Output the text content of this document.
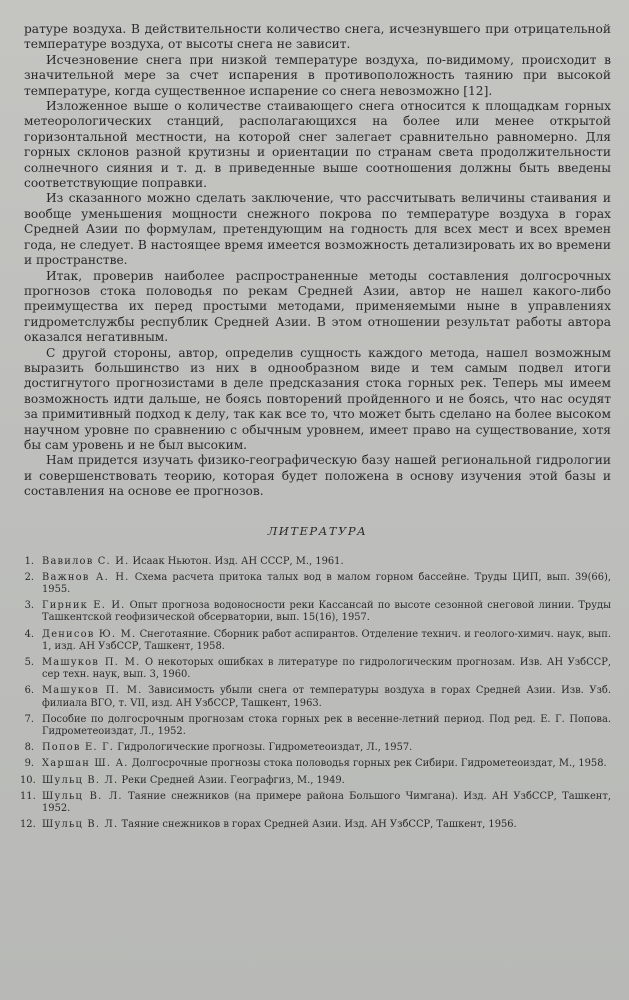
ратуре воздуха. В действительности количество снега, исчезнувшего при отрицательной температуре воздуха, от высоты снега не зависит.

Исчезновение снега при низкой температуре воздуха, по-видимому, происходит в значительной мере за счет испарения в противоположность таянию при высокой температуре, когда существенное испарение со снега невозможно [12].

Изложенное выше о количестве стаивающего снега относится к площадкам горных метеорологических станций, располагающихся на более или менее открытой горизонтальной местности, на которой снег залегает сравнительно равномерно. Для горных склонов разной крутизны и ориентации по странам света продолжительности солнечного сияния и т. д. в приведенные выше соотношения должны быть введены соответствующие поправки.

Из сказанного можно сделать заключение, что рассчитывать величины стаивания и вообще уменьшения мощности снежного покрова по температуре воздуха в горах Средней Азии по формулам, претендующим на годность для всех мест и всех времен года, не следует. В настоящее время имеется возможность детализировать их во времени и пространстве.

Итак, проверив наиболее распространенные методы составления долгосрочных прогнозов стока половодья по рекам Средней Азии, автор не нашел какого-либо преимущества их перед простыми методами, применяемыми ныне в управлениях гидрометслужбы республик Средней Азии. В этом отношении результат работы автора оказался негативным.

С другой стороны, автор, определив сущность каждого метода, нашел возможным выразить большинство из них в однообразном виде и тем самым подвел итоги достигнутого прогнозистами в деле предсказания стока горных рек. Теперь мы имеем возможность идти дальше, не боясь повторений пройденного и не боясь, что нас осудят за примитивный подход к делу, так как все то, что может быть сделано на более высоком научном уровне по сравнению с обычным уровнем, имеет право на существование, хотя бы сам уровень и не был высоким.

Нам придется изучать физико-географическую базу нашей региональной гидрологии и совершенствовать теорию, которая будет положена в основу изучения этой базы и составления на основе ее прогнозов.

ЛИТЕРАТУРА
1. Вавилов С. И. Исаак Ньютон. Изд. АН СССР, М., 1961.
2. Важнов А. Н. Схема расчета притока талых вод в малом горном бассейне. Труды ЦИП, вып. 39(66), 1955.
3. Гирник Е. И. Опыт прогноза водоносности реки Кассансай по высоте сезонной снеговой линии. Труды Ташкентской геофизической обсерватории, вып. 15(16), 1957.
4. Денисов Ю. М. Снеготаяние. Сборник работ аспирантов. Отделение технич. и геолого-химич. наук, вып. 1, изд. АН УзбССР, Ташкент, 1958.
5. Машуков П. М. О некоторых ошибках в литературе по гидрологическим прогнозам. Изв. АН УзбССР, сер техн. наук, вып. 3, 1960.
6. Машуков П. М. Зависимость убыли снега от температуры воздуха в горах Средней Азии. Изв. Узб. филиала ВГО, т. VII, изд. АН УзбССР, Ташкент, 1963.
7. Пособие по долгосрочным прогнозам стока горных рек в весенне-летний период. Под ред. Е. Г. Попова. Гидрометеоиздат, Л., 1952.
8. Попов Е. Г. Гидрологические прогнозы. Гидрометеоиздат, Л., 1957.
9. Харшан Ш. А. Долгосрочные прогнозы стока половодья горных рек Сибири. Гидрометеоиздат, М., 1958.
10. Шульц В. Л. Реки Средней Азии. Географгиз, М., 1949.
11. Шульц В. Л. Таяние снежников (на примере района Большого Чимгана). Изд. АН УзбССР, Ташкент, 1952.
12. Шульц В. Л. Таяние снежников в горах Средней Азии. Изд. АН УзбССР, Ташкент, 1956.
